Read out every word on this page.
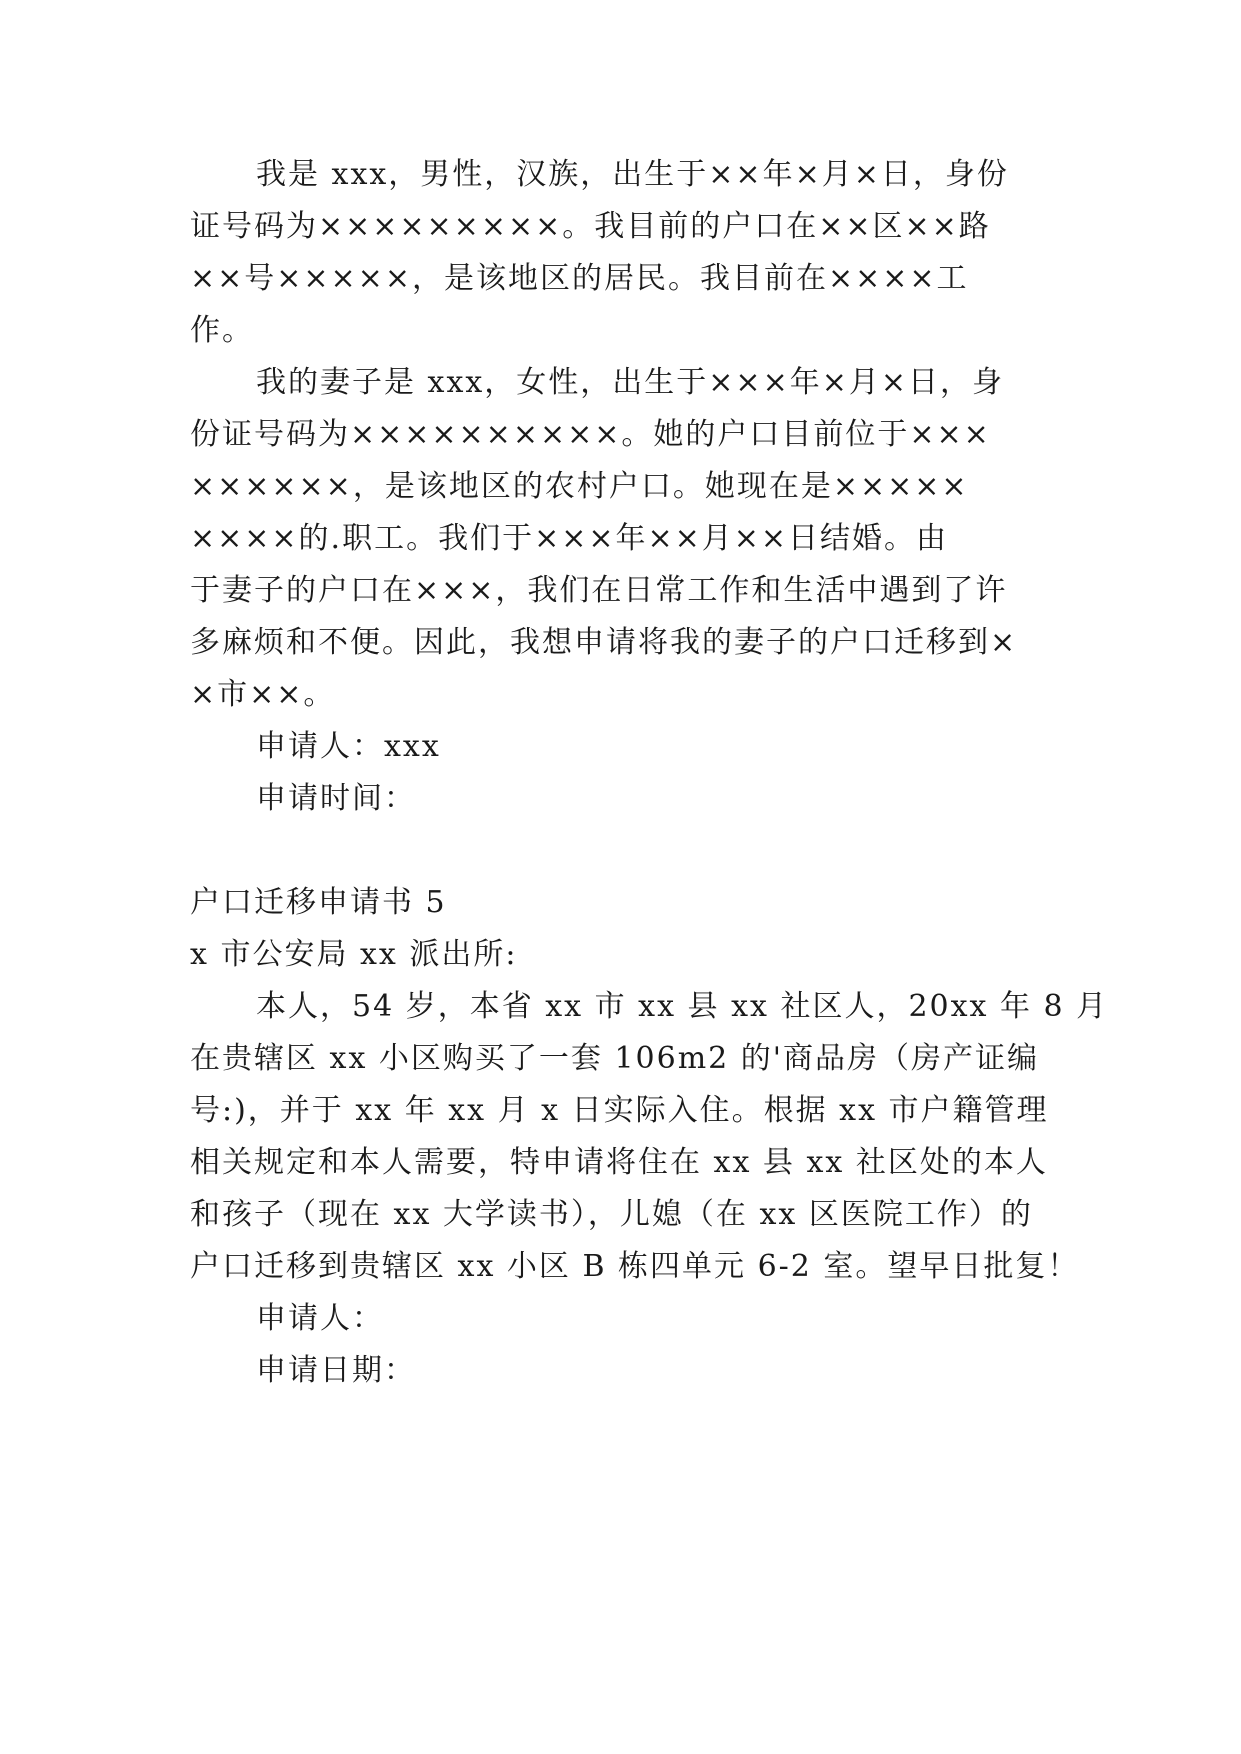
我是 xxx，男性，汉族，出生于××年×月×日，身份
证号码为×××××××××。我目前的户口在××区××路
××号×××××，是该地区的居民。我目前在××××工
作。
我的妻子是 xxx，女性，出生于×××年×月×日，身
份证号码为××××××××××。她的户口目前位于×××
××××××，是该地区的农村户口。她现在是×××××
××××的.职工。我们于×××年××月××日结婚。由
于妻子的户口在×××，我们在日常工作和生活中遇到了许
多麻烦和不便。因此，我想申请将我的妻子的户口迁移到×
×市××。
申请人：xxx
申请时间：
户口迁移申请书 5
x 市公安局 xx 派出所:
本人，54 岁，本省 xx 市 xx 县 xx 社区人，20xx 年 8 月
在贵辖区 xx 小区购买了一套 106m2 的'商品房（房产证编
号:)，并于 xx 年 xx 月 x 日实际入住。根据 xx 市户籍管理
相关规定和本人需要，特申请将住在 xx 县 xx 社区处的本人
和孩子（现在 xx 大学读书），儿媳（在 xx 区医院工作）的
户口迁移到贵辖区 xx 小区 B 栋四单元 6-2 室。望早日批复！
申请人：
申请日期：
